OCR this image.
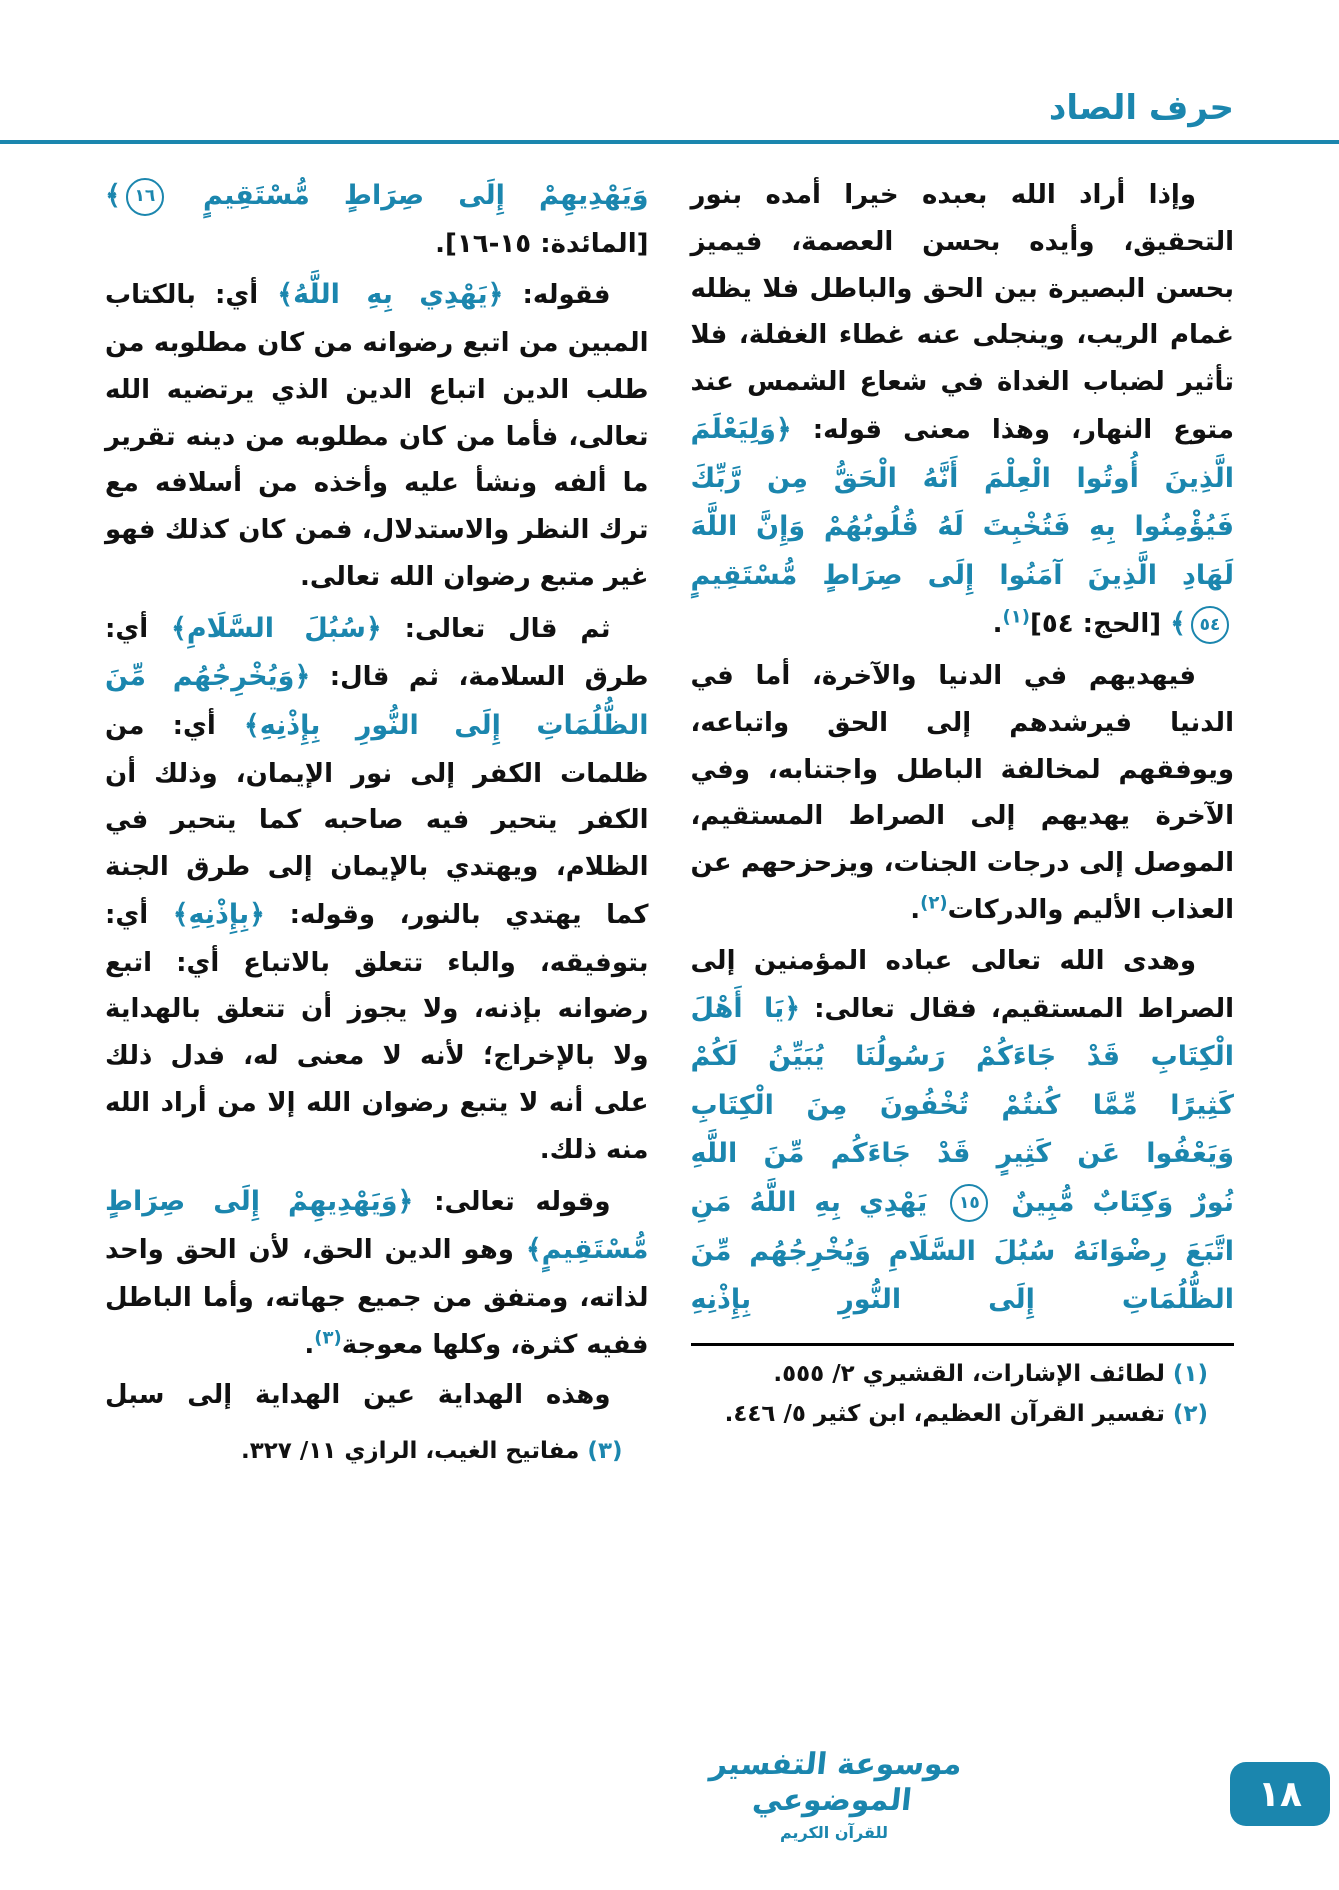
حرف الصاد

وإذا أراد الله بعبده خيرا أمده بنور التحقيق، وأيده بحسن العصمة، فيميز بحسن البصيرة بين الحق والباطل فلا يظله غمام الريب، وينجلى عنه غطاء الغفلة، فلا تأثير لضباب الغداة في شعاع الشمس عند متوع النهار، وهذا معنى قوله: ﴿وَلِيَعْلَمَ الَّذِينَ أُوتُوا الْعِلْمَ أَنَّهُ الْحَقُّ مِن رَّبِّكَ فَيُؤْمِنُوا بِهِ فَتُخْبِتَ لَهُ قُلُوبُهُمْ وَإِنَّ اللَّهَ لَهَادِ الَّذِينَ آمَنُوا إِلَى صِرَاطٍ مُّسْتَقِيمٍ ٥٤﴾ [الحج: ٥٤]$^{(١)}$.

فيهديهم في الدنيا والآخرة، أما في الدنيا فيرشدهم إلى الحق واتباعه، ويوفقهم لمخالفة الباطل واجتنابه، وفي الآخرة يهديهم إلى الصراط المستقيم، الموصل إلى درجات الجنات، ويزحزحهم عن العذاب الأليم والدركات$^{(٢)}$.

وهدى الله تعالى عباده المؤمنين إلى الصراط المستقيم، فقال تعالى: ﴿يَا أَهْلَ الْكِتَابِ قَدْ جَاءَكُمْ رَسُولُنَا يُبَيِّنُ لَكُمْ كَثِيرًا مِّمَّا كُنتُمْ تُخْفُونَ مِنَ الْكِتَابِ وَيَعْفُوا عَن كَثِيرٍ قَدْ جَاءَكُم مِّنَ اللَّهِ نُورٌ وَكِتَابٌ مُّبِينٌ ١٥ يَهْدِي بِهِ اللَّهُ مَنِ اتَّبَعَ رِضْوَانَهُ سُبُلَ السَّلَامِ وَيُخْرِجُهُم مِّنَ الظُّلُمَاتِ إِلَى النُّورِ بِإِذْنِهِ

(١) لطائف الإشارات، القشيري ٢/ ٥٥٥.

(٢) تفسير القرآن العظيم، ابن كثير ٥/ ٤٤٦.

وَيَهْدِيهِمْ إِلَى صِرَاطٍ مُّسْتَقِيمٍ ١٦﴾ [المائدة: ١٥-١٦].

فقوله: ﴿يَهْدِي بِهِ اللَّهُ﴾ أي: بالكتاب المبين من اتبع رضوانه من كان مطلوبه من طلب الدين اتباع الدين الذي يرتضيه الله تعالى، فأما من كان مطلوبه من دينه تقرير ما ألفه ونشأ عليه وأخذه من أسلافه مع ترك النظر والاستدلال، فمن كان كذلك فهو غير متبع رضوان الله تعالى.

ثم قال تعالى: ﴿سُبُلَ السَّلَامِ﴾ أي: طرق السلامة، ثم قال: ﴿وَيُخْرِجُهُم مِّنَ الظُّلُمَاتِ إِلَى النُّورِ بِإِذْنِهِ﴾ أي: من ظلمات الكفر إلى نور الإيمان، وذلك أن الكفر يتحير فيه صاحبه كما يتحير في الظلام، ويهتدي بالإيمان إلى طرق الجنة كما يهتدي بالنور، وقوله: ﴿بِإِذْنِهِ﴾ أي: بتوفيقه، والباء تتعلق بالاتباع أي: اتبع رضوانه بإذنه، ولا يجوز أن تتعلق بالهداية ولا بالإخراج؛ لأنه لا معنى له، فدل ذلك على أنه لا يتبع رضوان الله إلا من أراد الله منه ذلك.

وقوله تعالى: ﴿وَيَهْدِيهِمْ إِلَى صِرَاطٍ مُّسْتَقِيمٍ﴾ وهو الدين الحق، لأن الحق واحد لذاته، ومتفق من جميع جهاته، وأما الباطل ففيه كثرة، وكلها معوجة$^{(٣)}$.

وهذه الهداية عين الهداية إلى سبل

(٣) مفاتيح الغيب، الرازي ١١/ ٣٢٧.

موسوعة التفسير الموضوعي
للقرآن الكريم
١٨
